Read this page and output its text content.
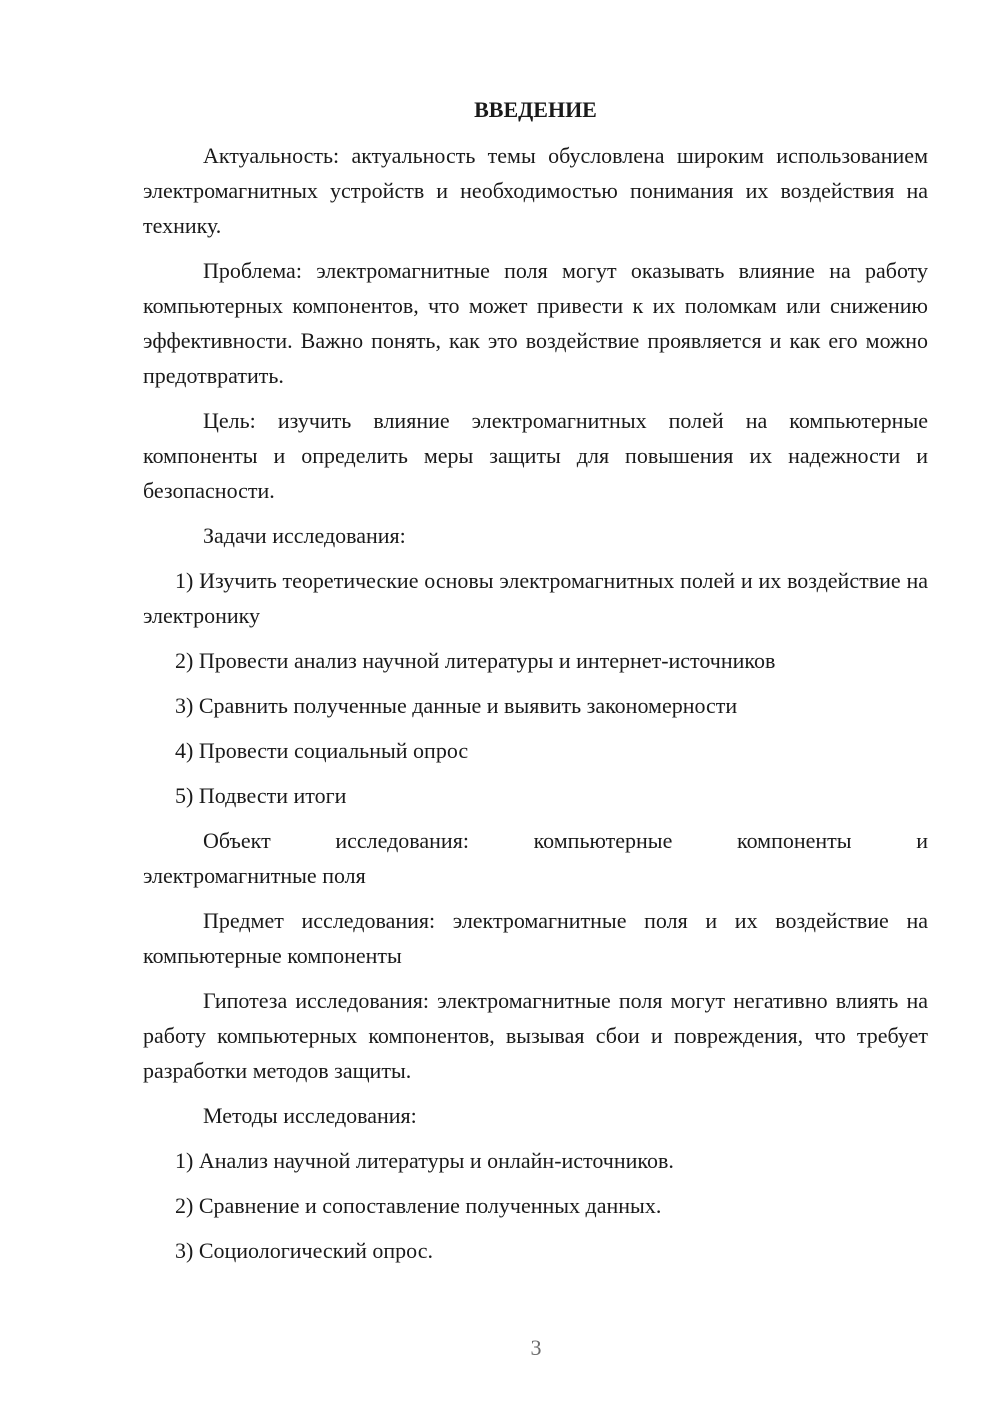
ВВЕДЕНИЕ

Актуальность: актуальность темы обусловлена широким использованием электромагнитных устройств и необходимостью понимания их воздействия на технику.

Проблема: электромагнитные поля могут оказывать влияние на работу компьютерных компонентов, что может привести к их поломкам или снижению эффективности. Важно понять, как это воздействие проявляется и как его можно предотвратить.

Цель: изучить влияние электромагнитных полей на компьютерные компоненты и определить меры защиты для повышения их надежности и безопасности.

Задачи исследования:

1) Изучить теоретические основы электромагнитных полей и их воздействие на электронику

2) Провести анализ научной литературы и интернет-источников

3) Сравнить полученные данные и выявить закономерности

4) Провести социальный опрос

5) Подвести итоги

Объект исследования: компьютерные компоненты и

электромагнитные поля

Предмет исследования: электромагнитные поля и их воздействие на компьютерные компоненты

Гипотеза исследования: электромагнитные поля могут негативно влиять на работу компьютерных компонентов, вызывая сбои и повреждения, что требует разработки методов защиты.

Методы исследования:

1) Анализ научной литературы и онлайн-источников.

2) Сравнение и сопоставление полученных данных.

3) Социологический опрос.

3
